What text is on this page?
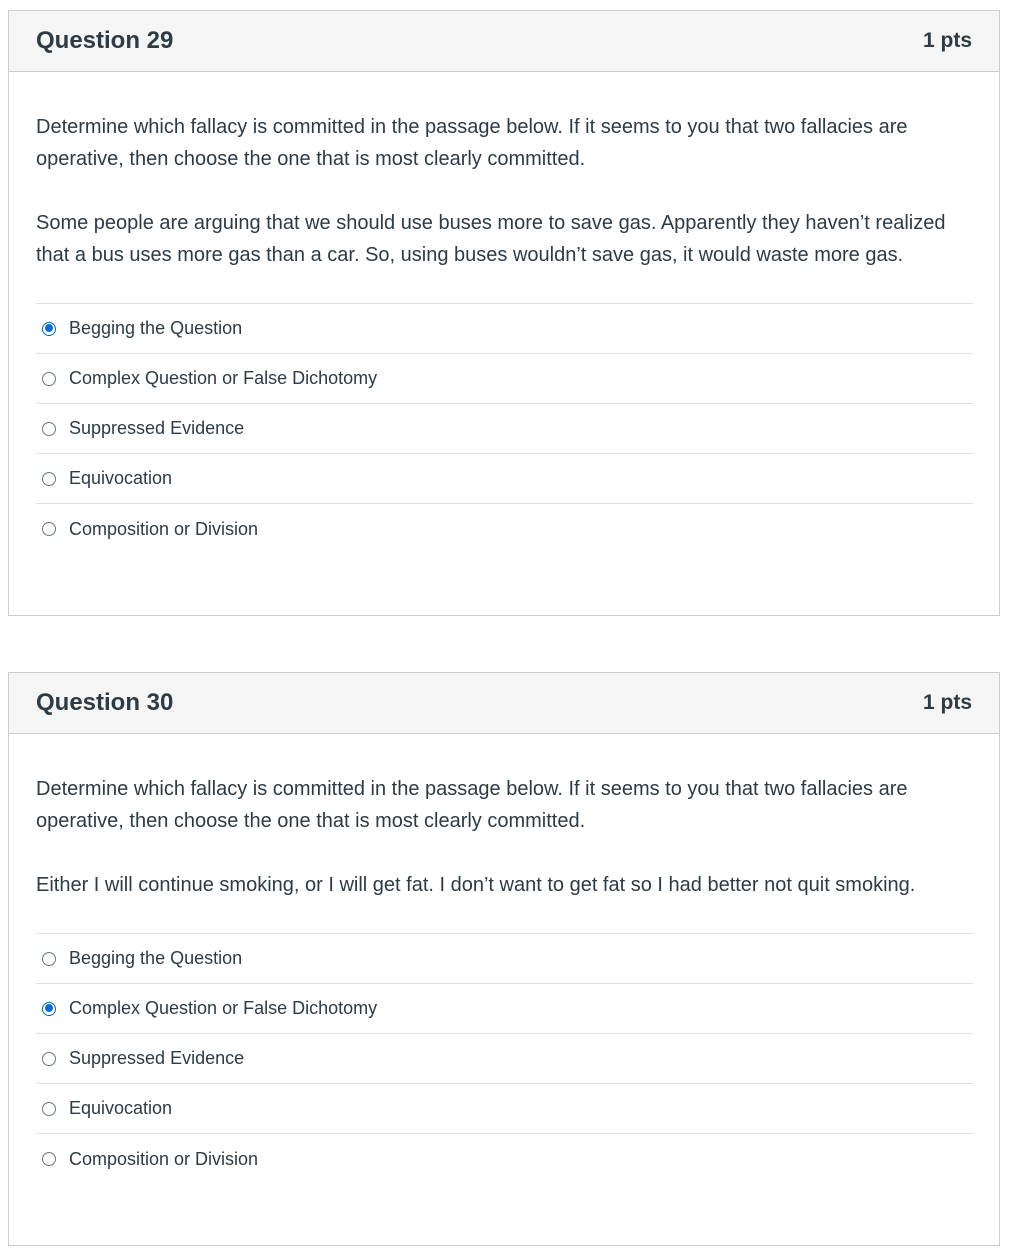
Question 29	1 pts

Determine which fallacy is committed in the passage below. If it seems to you that two fallacies are operative, then choose the one that is most clearly committed.

Some people are arguing that we should use buses more to save gas. Apparently they haven’t realized that a bus uses more gas than a car. So, using buses wouldn’t save gas, it would waste more gas.

Begging the Question
Complex Question or False Dichotomy
Suppressed Evidence
Equivocation
Composition or Division
Question 30	1 pts

Determine which fallacy is committed in the passage below. If it seems to you that two fallacies are operative, then choose the one that is most clearly committed.

Either I will continue smoking, or I will get fat. I don’t want to get fat so I had better not quit smoking.

Begging the Question
Complex Question or False Dichotomy
Suppressed Evidence
Equivocation
Composition or Division
